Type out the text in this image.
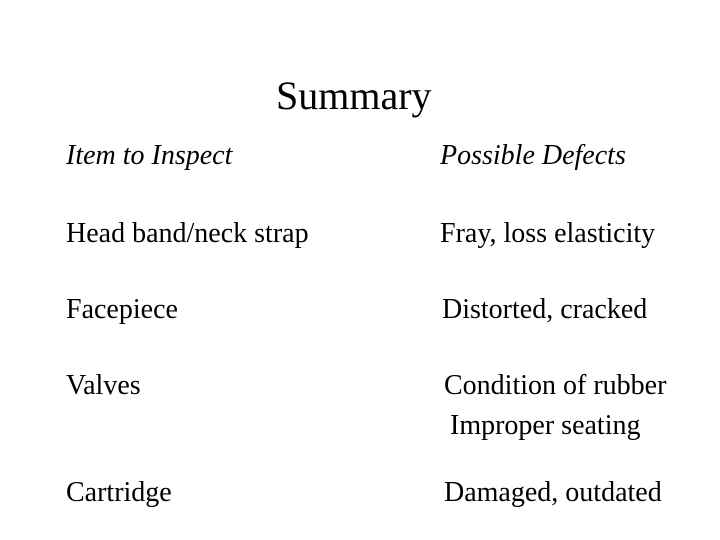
Summary
Item to Inspect	Possible Defects
Head band/neck strap	Fray, loss elasticity
Facepiece	Distorted, cracked
Valves	Condition of rubber
Improper seating
Cartridge	Damaged, outdated
